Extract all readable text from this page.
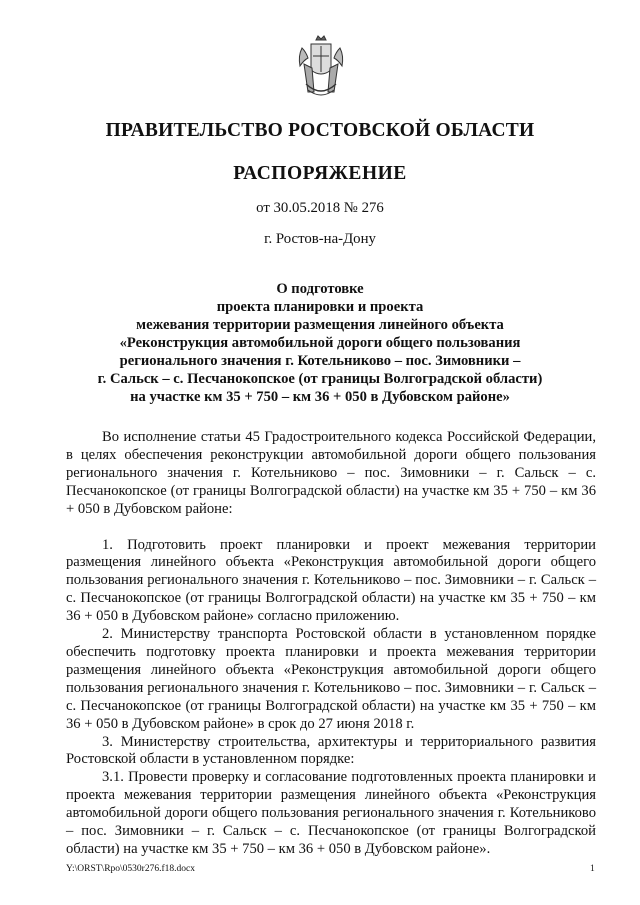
ПРАВИТЕЛЬСТВО РОСТОВСКОЙ ОБЛАСТИ
РАСПОРЯЖЕНИЕ
от 30.05.2018 № 276
г. Ростов-на-Дону
О подготовке
проекта планировки и проекта
межевания территории размещения линейного объекта
«Реконструкция автомобильной дороги общего пользования
регионального значения г. Котельниково – пос. Зимовники –
г. Сальск – с. Песчанокопское (от границы Волгоградской области)
на участке км 35 + 750 – км 36 + 050 в Дубовском районе»

Во исполнение статьи 45 Градостроительного кодекса Российской Федерации, в целях обеспечения реконструкции автомобильной дороги общего пользования регионального значения г. Котельниково – пос. Зимовники – г. Сальск – с. Песчанокопское (от границы Волгоградской области) на участке км 35 + 750 – км 36 + 050 в Дубовском районе:

1. Подготовить проект планировки и проект межевания территории размещения линейного объекта «Реконструкция автомобильной дороги общего пользования регионального значения г. Котельниково – пос. Зимовники – г. Сальск – с. Песчанокопское (от границы Волгоградской области) на участке км 35 + 750 – км 36 + 050 в Дубовском районе» согласно приложению.

2. Министерству транспорта Ростовской области в установленном порядке обеспечить подготовку проекта планировки и проекта межевания территории размещения линейного объекта «Реконструкция автомобильной дороги общего пользования регионального значения г. Котельниково – пос. Зимовники – г. Сальск – с. Песчанокопское (от границы Волгоградской области) на участке км 35 + 750 – км 36 + 050 в Дубовском районе» в срок до 27 июня 2018 г.

3. Министерству строительства, архитектуры и территориального развития Ростовской области в установленном порядке:

3.1. Провести проверку и согласование подготовленных проекта планировки и проекта межевания территории размещения линейного объекта «Реконструкция автомобильной дороги общего пользования регионального значения г. Котельниково – пос. Зимовники – г. Сальск – с. Песчанокопское (от границы Волгоградской области) на участке км 35 + 750 – км 36 + 050 в Дубовском районе».

Y:\ORST\Rpo\0530r276.f18.docx	1
